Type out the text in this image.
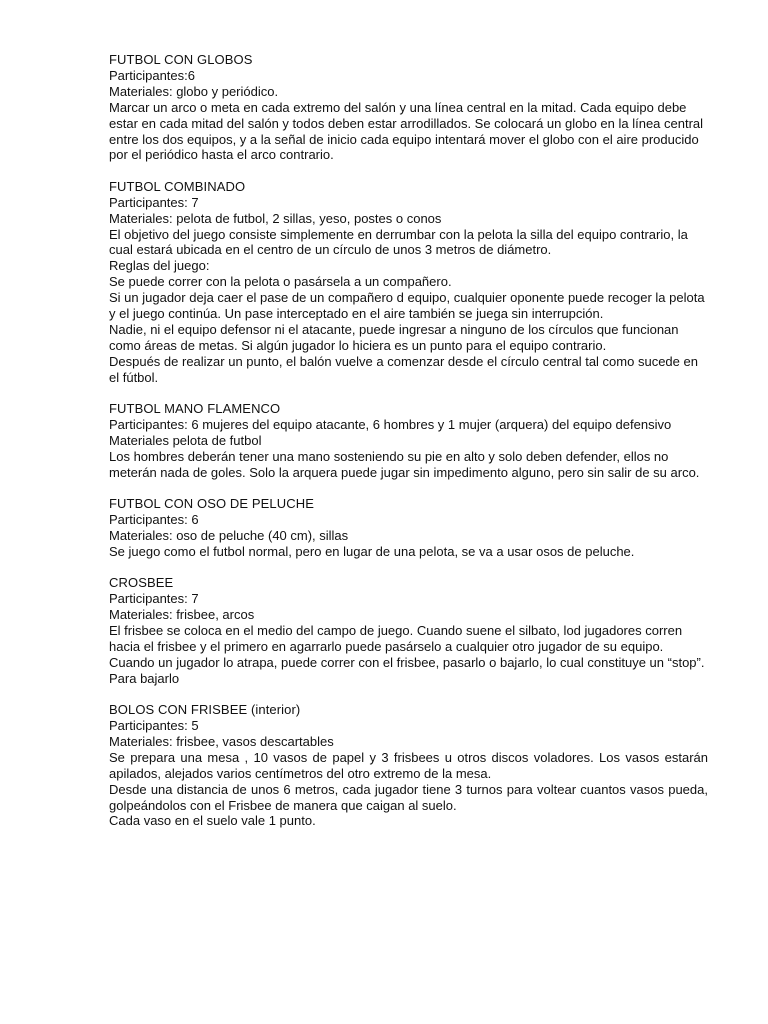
FUTBOL CON GLOBOS
Participantes:6
Materiales: globo y periódico.
Marcar un arco o meta en cada extremo del salón y una línea central en la mitad. Cada equipo debe estar en cada mitad del salón y todos deben estar arrodillados. Se colocará un globo en la línea central entre los dos equipos, y a la señal de inicio cada equipo intentará mover el globo con el aire producido por el periódico hasta el arco contrario.
FUTBOL COMBINADO
Participantes: 7
Materiales: pelota de futbol, 2 sillas, yeso, postes o conos
El objetivo del juego consiste simplemente en derrumbar con la pelota la silla del equipo contrario, la cual estará ubicada en el centro de un círculo de unos 3 metros de diámetro.
Reglas del juego:
Se puede correr con la pelota o pasársela a un compañero.
Si un jugador deja caer el pase de un compañero d equipo, cualquier oponente puede recoger la pelota y el juego continúa. Un pase interceptado en el aire también se juega sin interrupción.
Nadie, ni el equipo defensor ni el atacante, puede ingresar a ninguno de los círculos que funcionan como áreas de metas. Si algún jugador lo hiciera es un punto para el equipo contrario.
Después de realizar un punto, el balón vuelve a comenzar desde el círculo central tal como sucede en el fútbol.
FUTBOL MANO FLAMENCO
Participantes: 6 mujeres del equipo atacante, 6 hombres y 1 mujer (arquera) del equipo defensivo
Materiales pelota de futbol
Los hombres deberán tener una mano sosteniendo su pie en alto y solo deben defender, ellos no meterán nada de goles. Solo la arquera puede jugar sin impedimento alguno, pero sin salir de su arco.
FUTBOL CON OSO DE PELUCHE
Participantes: 6
Materiales: oso de peluche (40 cm), sillas
Se juego como el futbol normal, pero en lugar de una pelota, se va a usar osos de peluche.
CROSBEE
Participantes: 7
Materiales: frisbee, arcos
El frisbee se coloca en el medio del campo de juego. Cuando suene el silbato, lod jugadores corren hacia el frisbee y el primero en agarrarlo puede pasárselo a cualquier otro jugador de su equipo. Cuando un jugador lo atrapa, puede correr con el frisbee, pasarlo o bajarlo, lo cual constituye un “stop”. Para bajarlo
BOLOS CON FRISBEE (interior)
Participantes: 5
Materiales: frisbee, vasos descartables
Se prepara una mesa , 10 vasos de papel y 3 frisbees u otros discos voladores. Los vasos estarán apilados, alejados varios centímetros del otro extremo de la mesa.
Desde una distancia de unos 6 metros, cada jugador tiene 3 turnos para voltear cuantos vasos pueda, golpeándolos con el Frisbee de manera que caigan al suelo.
Cada vaso en el suelo vale 1 punto.
